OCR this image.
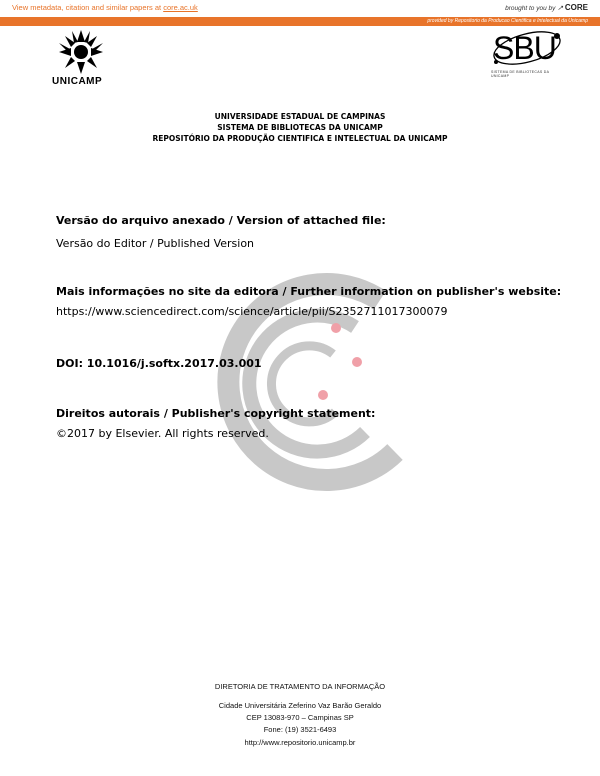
View metadata, citation and similar papers at core.ac.uk	brought to you by ↗ CORE
provided by Repositorio da Producao Cientifica e Intelectual da Unicamp
UNICAMP
SBU
SISTEMA DE BIBLIOTECAS DA UNICAMP
UNIVERSIDADE ESTADUAL DE CAMPINAS
SISTEMA DE BIBLIOTECAS DA UNICAMP
REPOSITÓRIO DA PRODUÇÃO CIENTIFICA E INTELECTUAL DA UNICAMP
Versão do arquivo anexado / Version of attached file:
Versão do Editor / Published Version
Mais informações no site da editora / Further information on publisher's website:
https://www.sciencedirect.com/science/article/pii/S2352711017300079
DOI: 10.1016/j.softx.2017.03.001
Direitos autorais / Publisher's copyright statement:
©2017 by Elsevier. All rights reserved.
DIRETORIA DE TRATAMENTO DA INFORMAÇÃO
Cidade Universitária Zeferino Vaz Barão Geraldo
CEP 13083-970 – Campinas SP
Fone: (19) 3521-6493
http://www.repositorio.unicamp.br
